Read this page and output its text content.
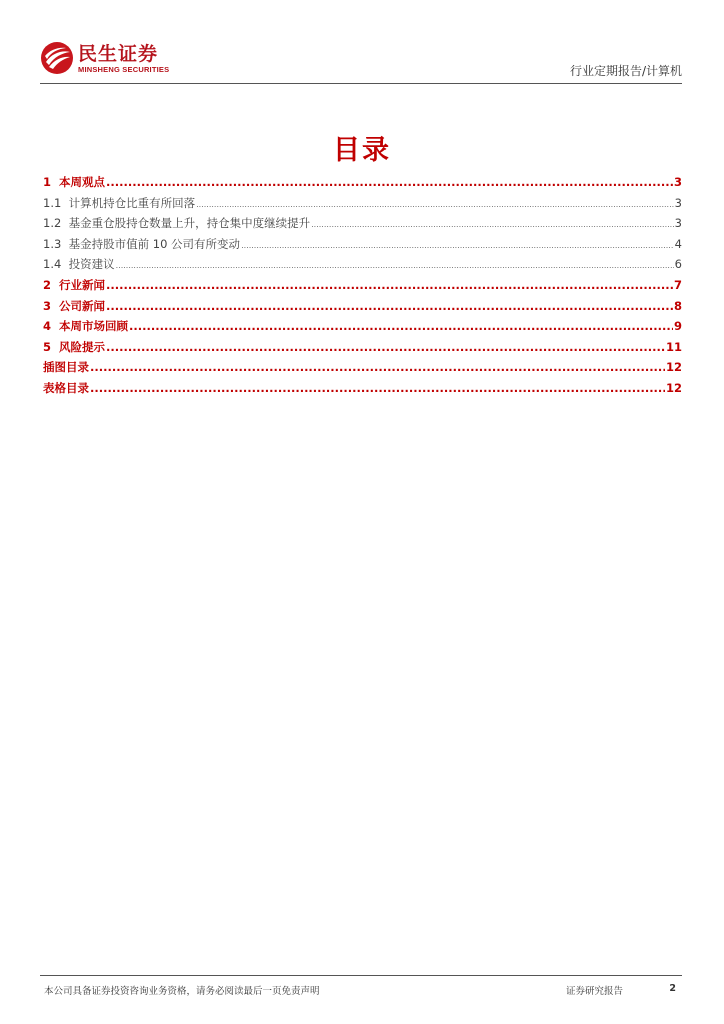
民生证券
MINSHENG SECURITIES	行业定期报告/计算机
目录
1 本周观点 .....	3
1.1 计算机持仓比重有所回落 .....	3
1.2 基金重仓股持仓数量上升，持仓集中度继续提升 .....	3
1.3 基金持股市值前 10 公司有所变动 .....	4
1.4 投资建议 .....	6
2 行业新闻 .....	7
3 公司新闻 .....	8
4 本周市场回顾 .....	9
5 风险提示 .....	11
插图目录 .....	12
表格目录 .....	12
本公司具备证券投资咨询业务资格，请务必阅读最后一页免责声明	证券研究报告	2
